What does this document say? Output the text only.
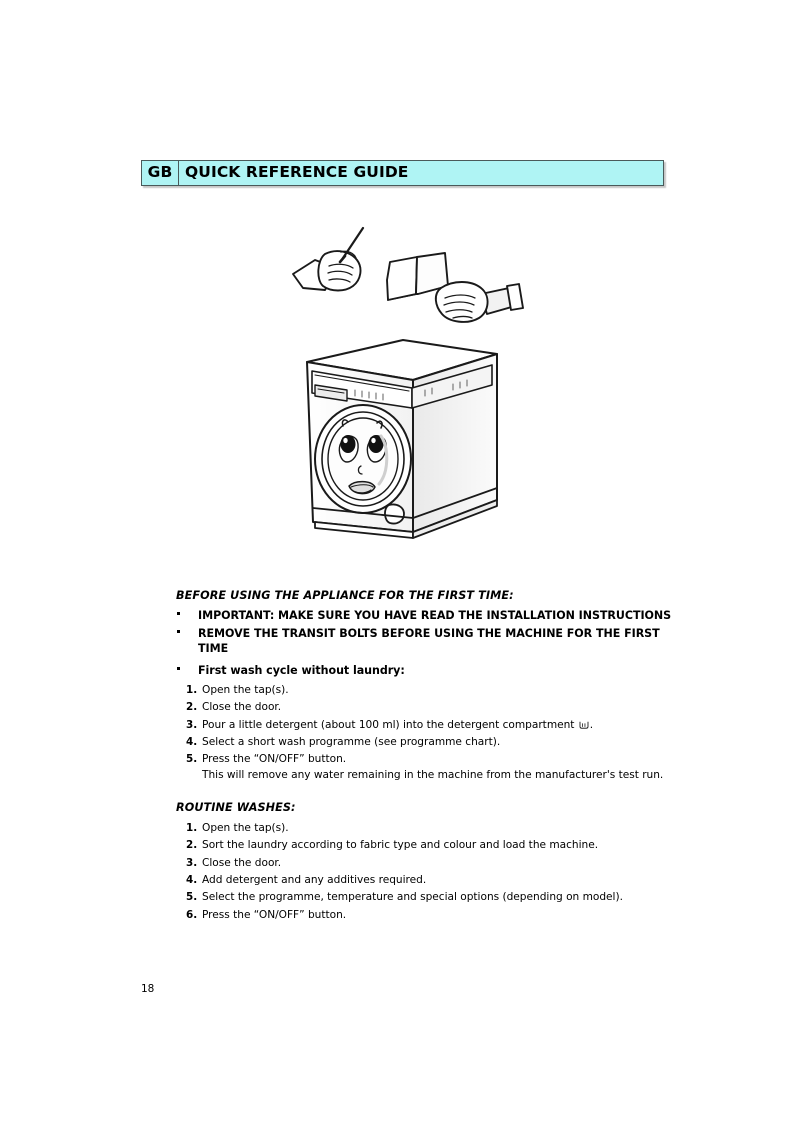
GB QUICK REFERENCE GUIDE
BEFORE USING THE APPLIANCE FOR THE FIRST TIME:
IMPORTANT: MAKE SURE YOU HAVE READ THE INSTALLATION INSTRUCTIONS
REMOVE THE TRANSIT BOLTS BEFORE USING THE MACHINE FOR THE FIRST TIME
First wash cycle without laundry:
1. Open the tap(s).
2. Close the door.
3. Pour a little detergent (about 100 ml) into the detergent compartment
.
4. Select a short wash programme (see programme chart).
5. Press the “ON/OFF” button.
This will remove any water remaining in the machine from the manufacturer's test run.
ROUTINE WASHES:
1. Open the tap(s).
2. Sort the laundry according to fabric type and colour and load the machine.
3. Close the door.
4. Add detergent and any additives required.
5. Select the programme, temperature and special options (depending on model).
6. Press the “ON/OFF” button.
18
